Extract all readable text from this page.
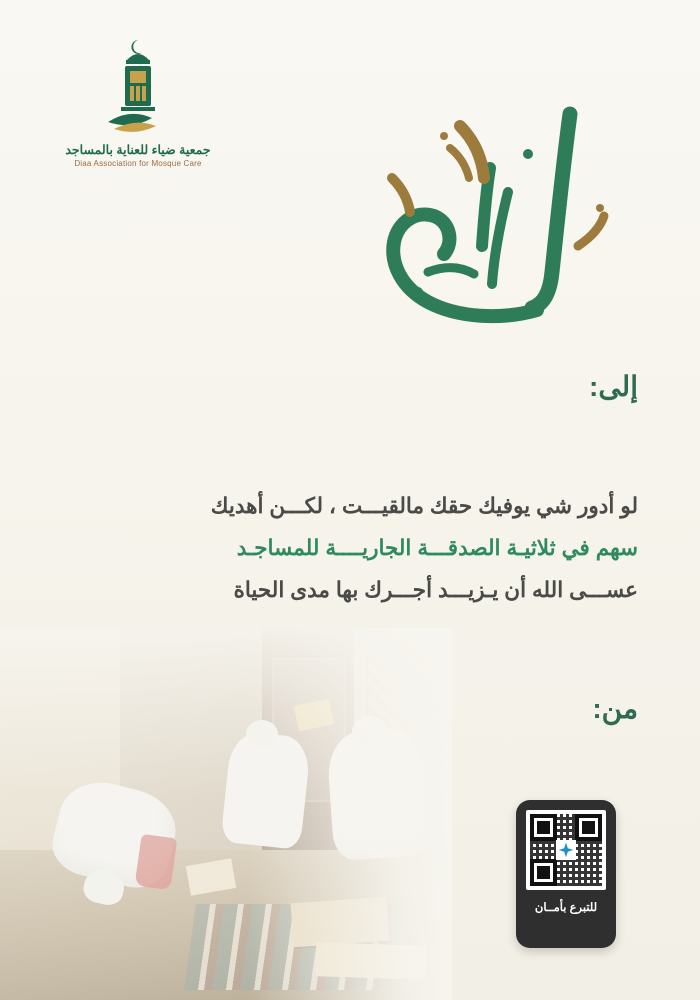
جمعية ضياء للعناية بالمساجد
Diaa Association for Mosque Care
إلى:
لو أدور شي يوفيك حقك مالقيـــت ، لكـــن أهديك
سهم في ثلاثيـة الصدقـــة الجاريــــة للمساجـد
عســـى الله أن يـزيـــد أجـــرك بها مدى الحياة
من:
للتبرع بأمــان
